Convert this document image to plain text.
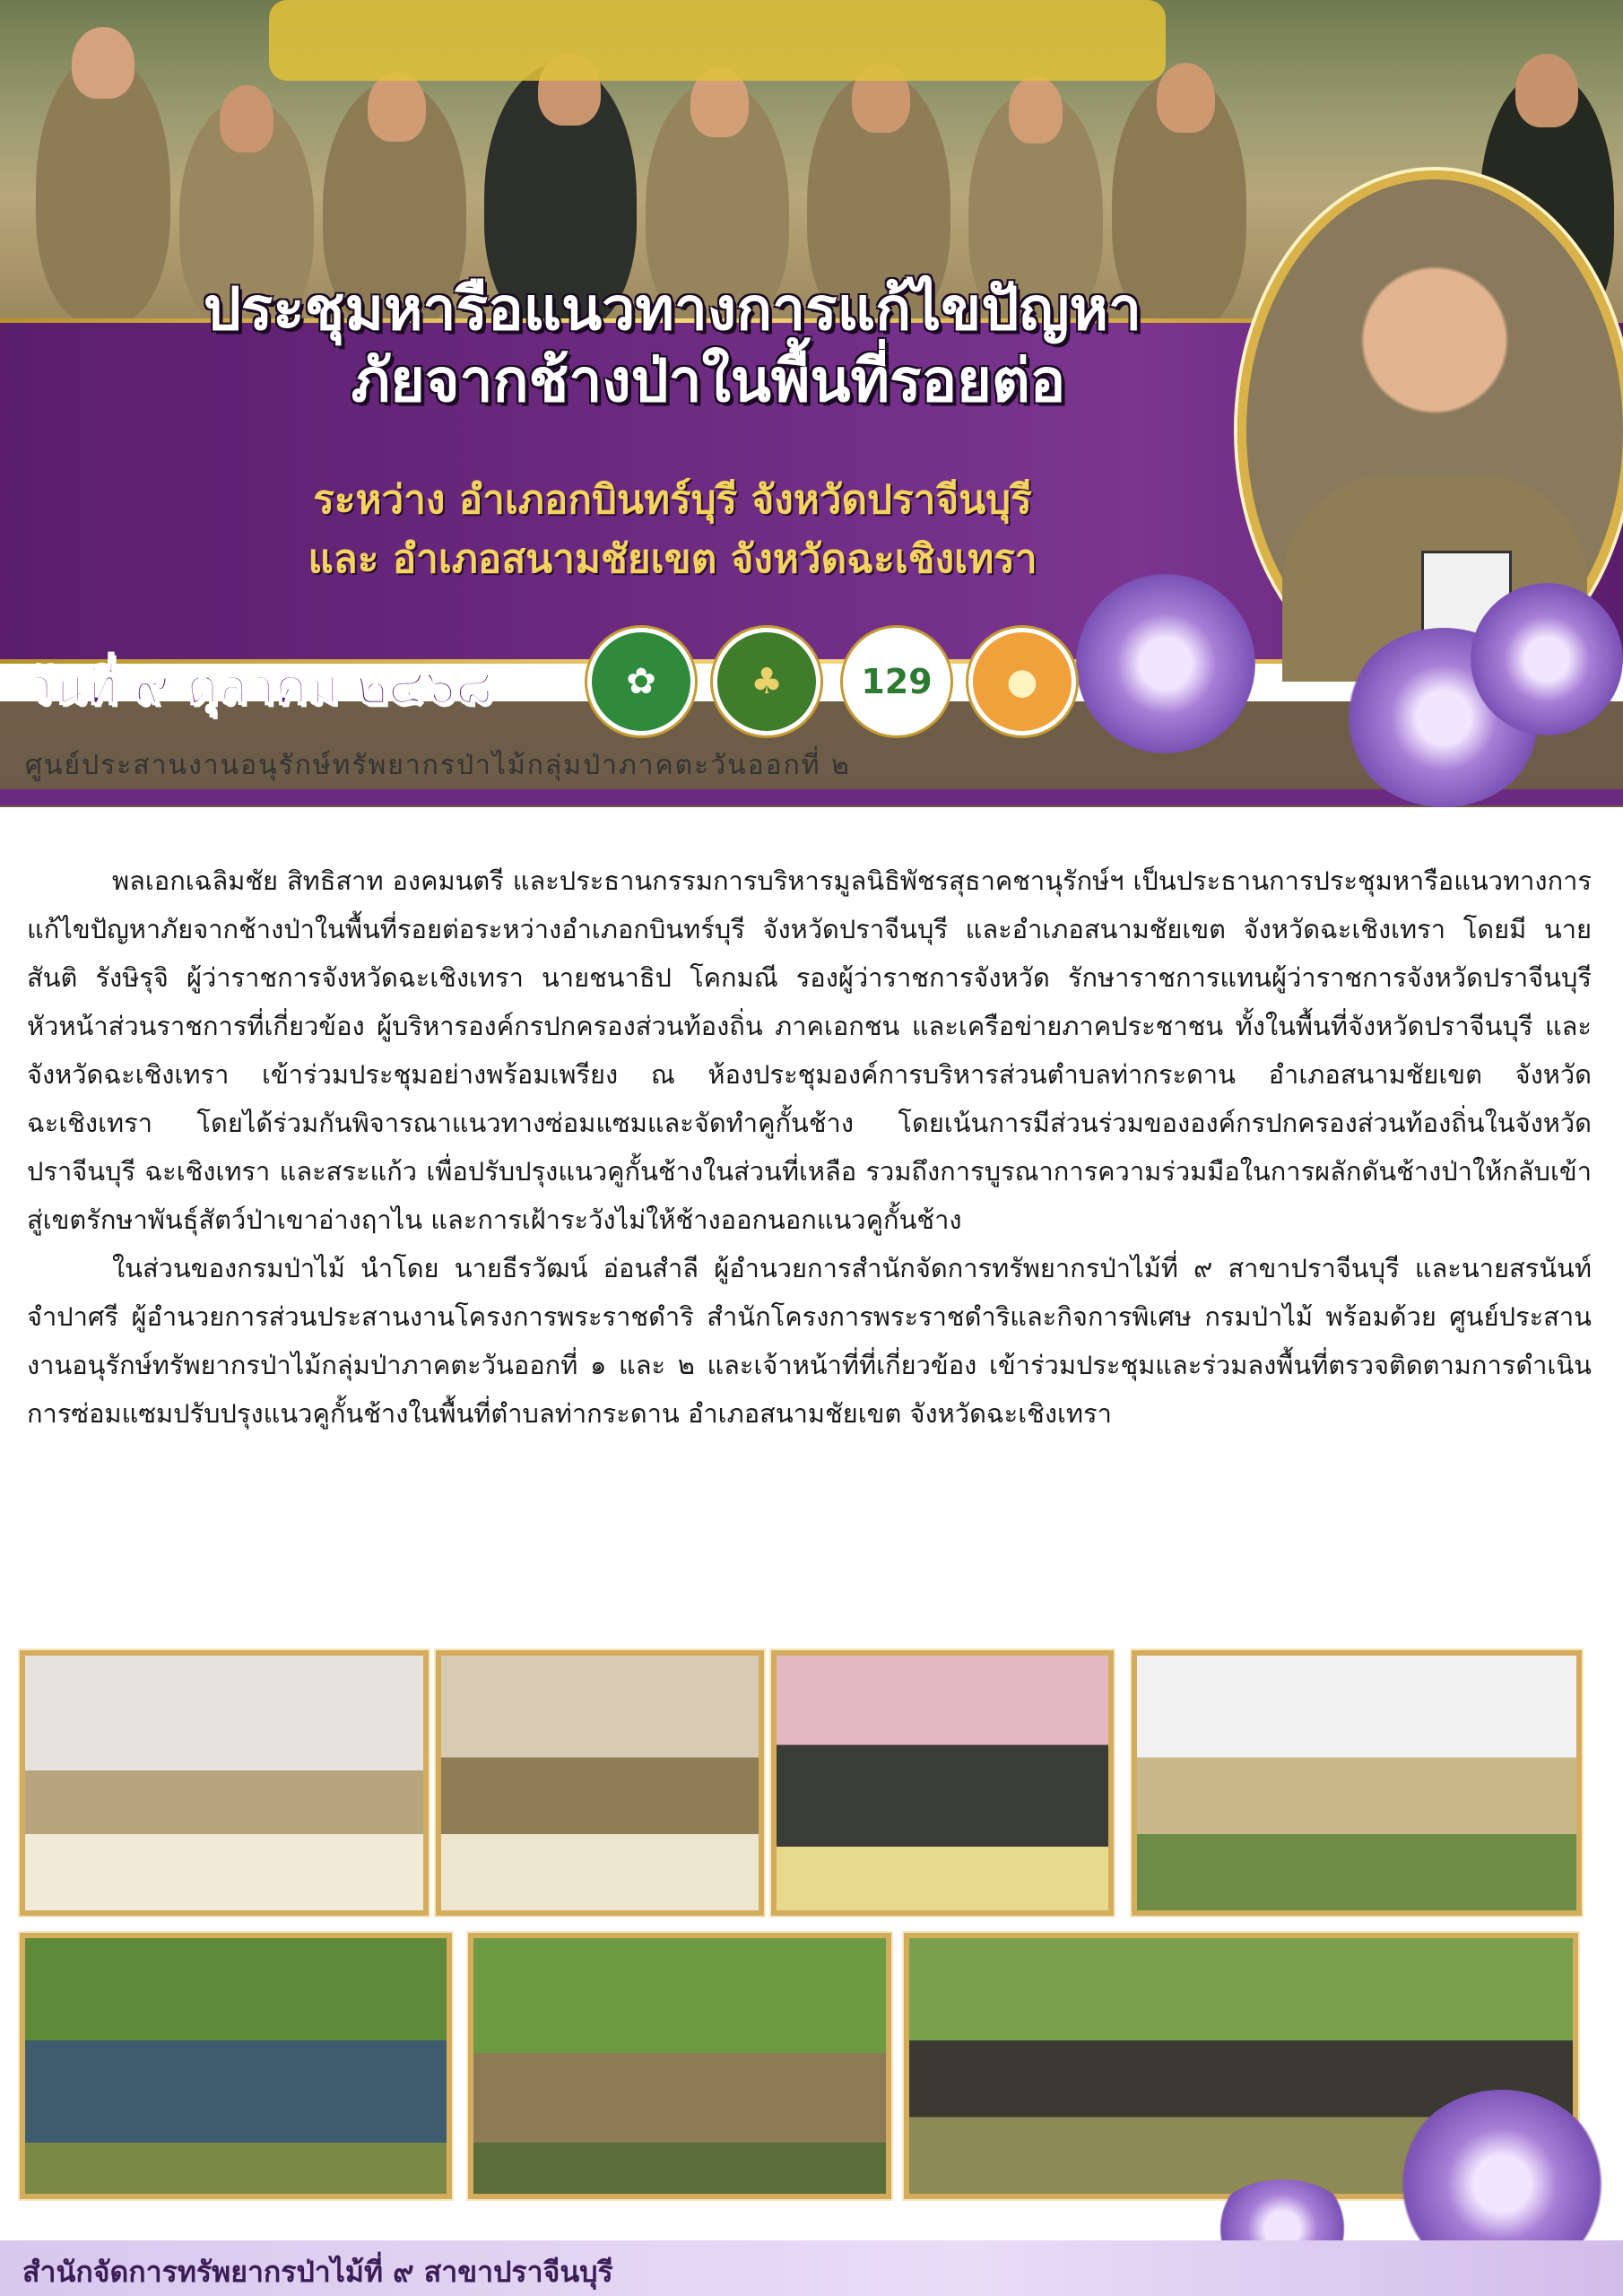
ประชุมหารือแนวทางการแก้ไขปัญหา
ภัยจากช้างป่าในพื้นที่รอยต่อ
ระหว่าง อำเภอกบินทร์บุรี จังหวัดปราจีนบุรี
และ อำเภอสนามชัยเขต จังหวัดฉะเชิงเทรา
วันที่ ๙ ตุลาคม ๒๕๖๘	✿	♣ 129 ●
ศูนย์ประสานงานอนุรักษ์ทรัพยากรป่าไม้กลุ่มป่าภาคตะวันออกที่ ๒

พลเอกเฉลิมชัย สิทธิสาท องคมนตรี และประธานกรรมการบริหารมูลนิธิพัชรสุธาคชานุรักษ์ฯ เป็นประธานการประชุมหารือแนวทางการแก้ไขปัญหาภัยจากช้างป่าในพื้นที่รอยต่อระหว่างอำเภอกบินทร์บุรี จังหวัดปราจีนบุรี และอำเภอสนามชัยเขต จังหวัดฉะเชิงเทรา โดยมี นายสันติ รังษิรุจิ ผู้ว่าราชการจังหวัดฉะเชิงเทรา นายชนาธิป โคกมณี รองผู้ว่าราชการจังหวัด รักษาราชการแทนผู้ว่าราชการจังหวัดปราจีนบุรี หัวหน้าส่วนราชการที่เกี่ยวข้อง ผู้บริหารองค์กรปกครองส่วนท้องถิ่น ภาคเอกชน และเครือข่ายภาคประชาชน ทั้งในพื้นที่จังหวัดปราจีนบุรี และจังหวัดฉะเชิงเทรา เข้าร่วมประชุมอย่างพร้อมเพรียง ณ ห้องประชุมองค์การบริหารส่วนตำบลท่ากระดาน อำเภอสนามชัยเขต จังหวัดฉะเชิงเทรา โดยได้ร่วมกันพิจารณาแนวทางซ่อมแซมและจัดทำคูกั้นช้าง โดยเน้นการมีส่วนร่วมขององค์กรปกครองส่วนท้องถิ่นในจังหวัดปราจีนบุรี ฉะเชิงเทรา และสระแก้ว เพื่อปรับปรุงแนวคูกั้นช้างในส่วนที่เหลือ รวมถึงการบูรณาการความร่วมมือในการผลักดันช้างป่าให้กลับเข้าสู่เขตรักษาพันธุ์สัตว์ป่าเขาอ่างฤาไน และการเฝ้าระวังไม่ให้ช้างออกนอกแนวคูกั้นช้าง

ในส่วนของกรมป่าไม้ นำโดย นายธีรวัฒน์ อ่อนสำลี ผู้อำนวยการสำนักจัดการทรัพยากรป่าไม้ที่ ๙ สาขาปราจีนบุรี และนายสรนันท์ จำปาศรี ผู้อำนวยการส่วนประสานงานโครงการพระราชดำริ สำนักโครงการพระราชดำริและกิจการพิเศษ กรมป่าไม้ พร้อมด้วย ศูนย์ประสานงานอนุรักษ์ทรัพยากรป่าไม้กลุ่มป่าภาคตะวันออกที่ ๑ และ ๒ และเจ้าหน้าที่ที่เกี่ยวข้อง เข้าร่วมประชุมและร่วมลงพื้นที่ตรวจติดตามการดำเนินการซ่อมแซมปรับปรุงแนวคูกั้นช้างในพื้นที่ตำบลท่ากระดาน อำเภอสนามชัยเขต จังหวัดฉะเชิงเทรา

สำนักจัดการทรัพยากรป่าไม้ที่ ๙ สาขาปราจีนบุรี
